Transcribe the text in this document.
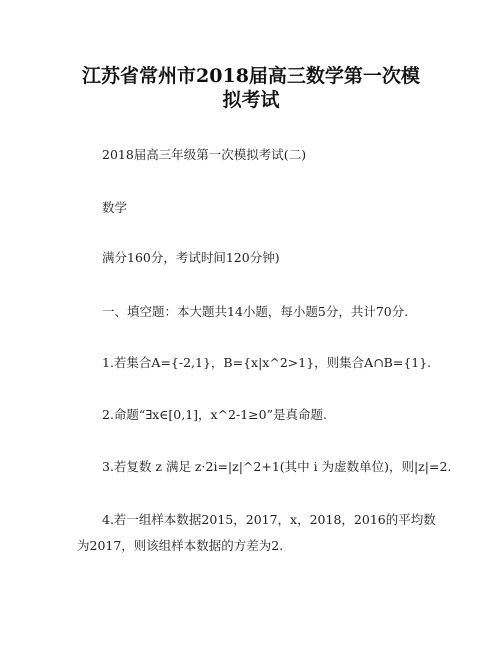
江苏省常州市2018届高三数学第一次模
拟考试
2018届高三年级第一次模拟考试(二)
数学
满分160分，考试时间120分钟)
一、填空题：本大题共14小题，每小题5分，共计70分.
1.若集合A={-2,1}，B={x|x^2>1}，则集合A∩B={1}.
2.命题“∃x∈[0,1]，x^2-1≥0”是真命题.
3.若复数 z 满足 z·2i=|z|^2+1(其中 i 为虚数单位)，则|z|=2.
4.若一组样本数据2015，2017，x，2018，2016的平均数
为2017，则该组样本数据的方差为2.
